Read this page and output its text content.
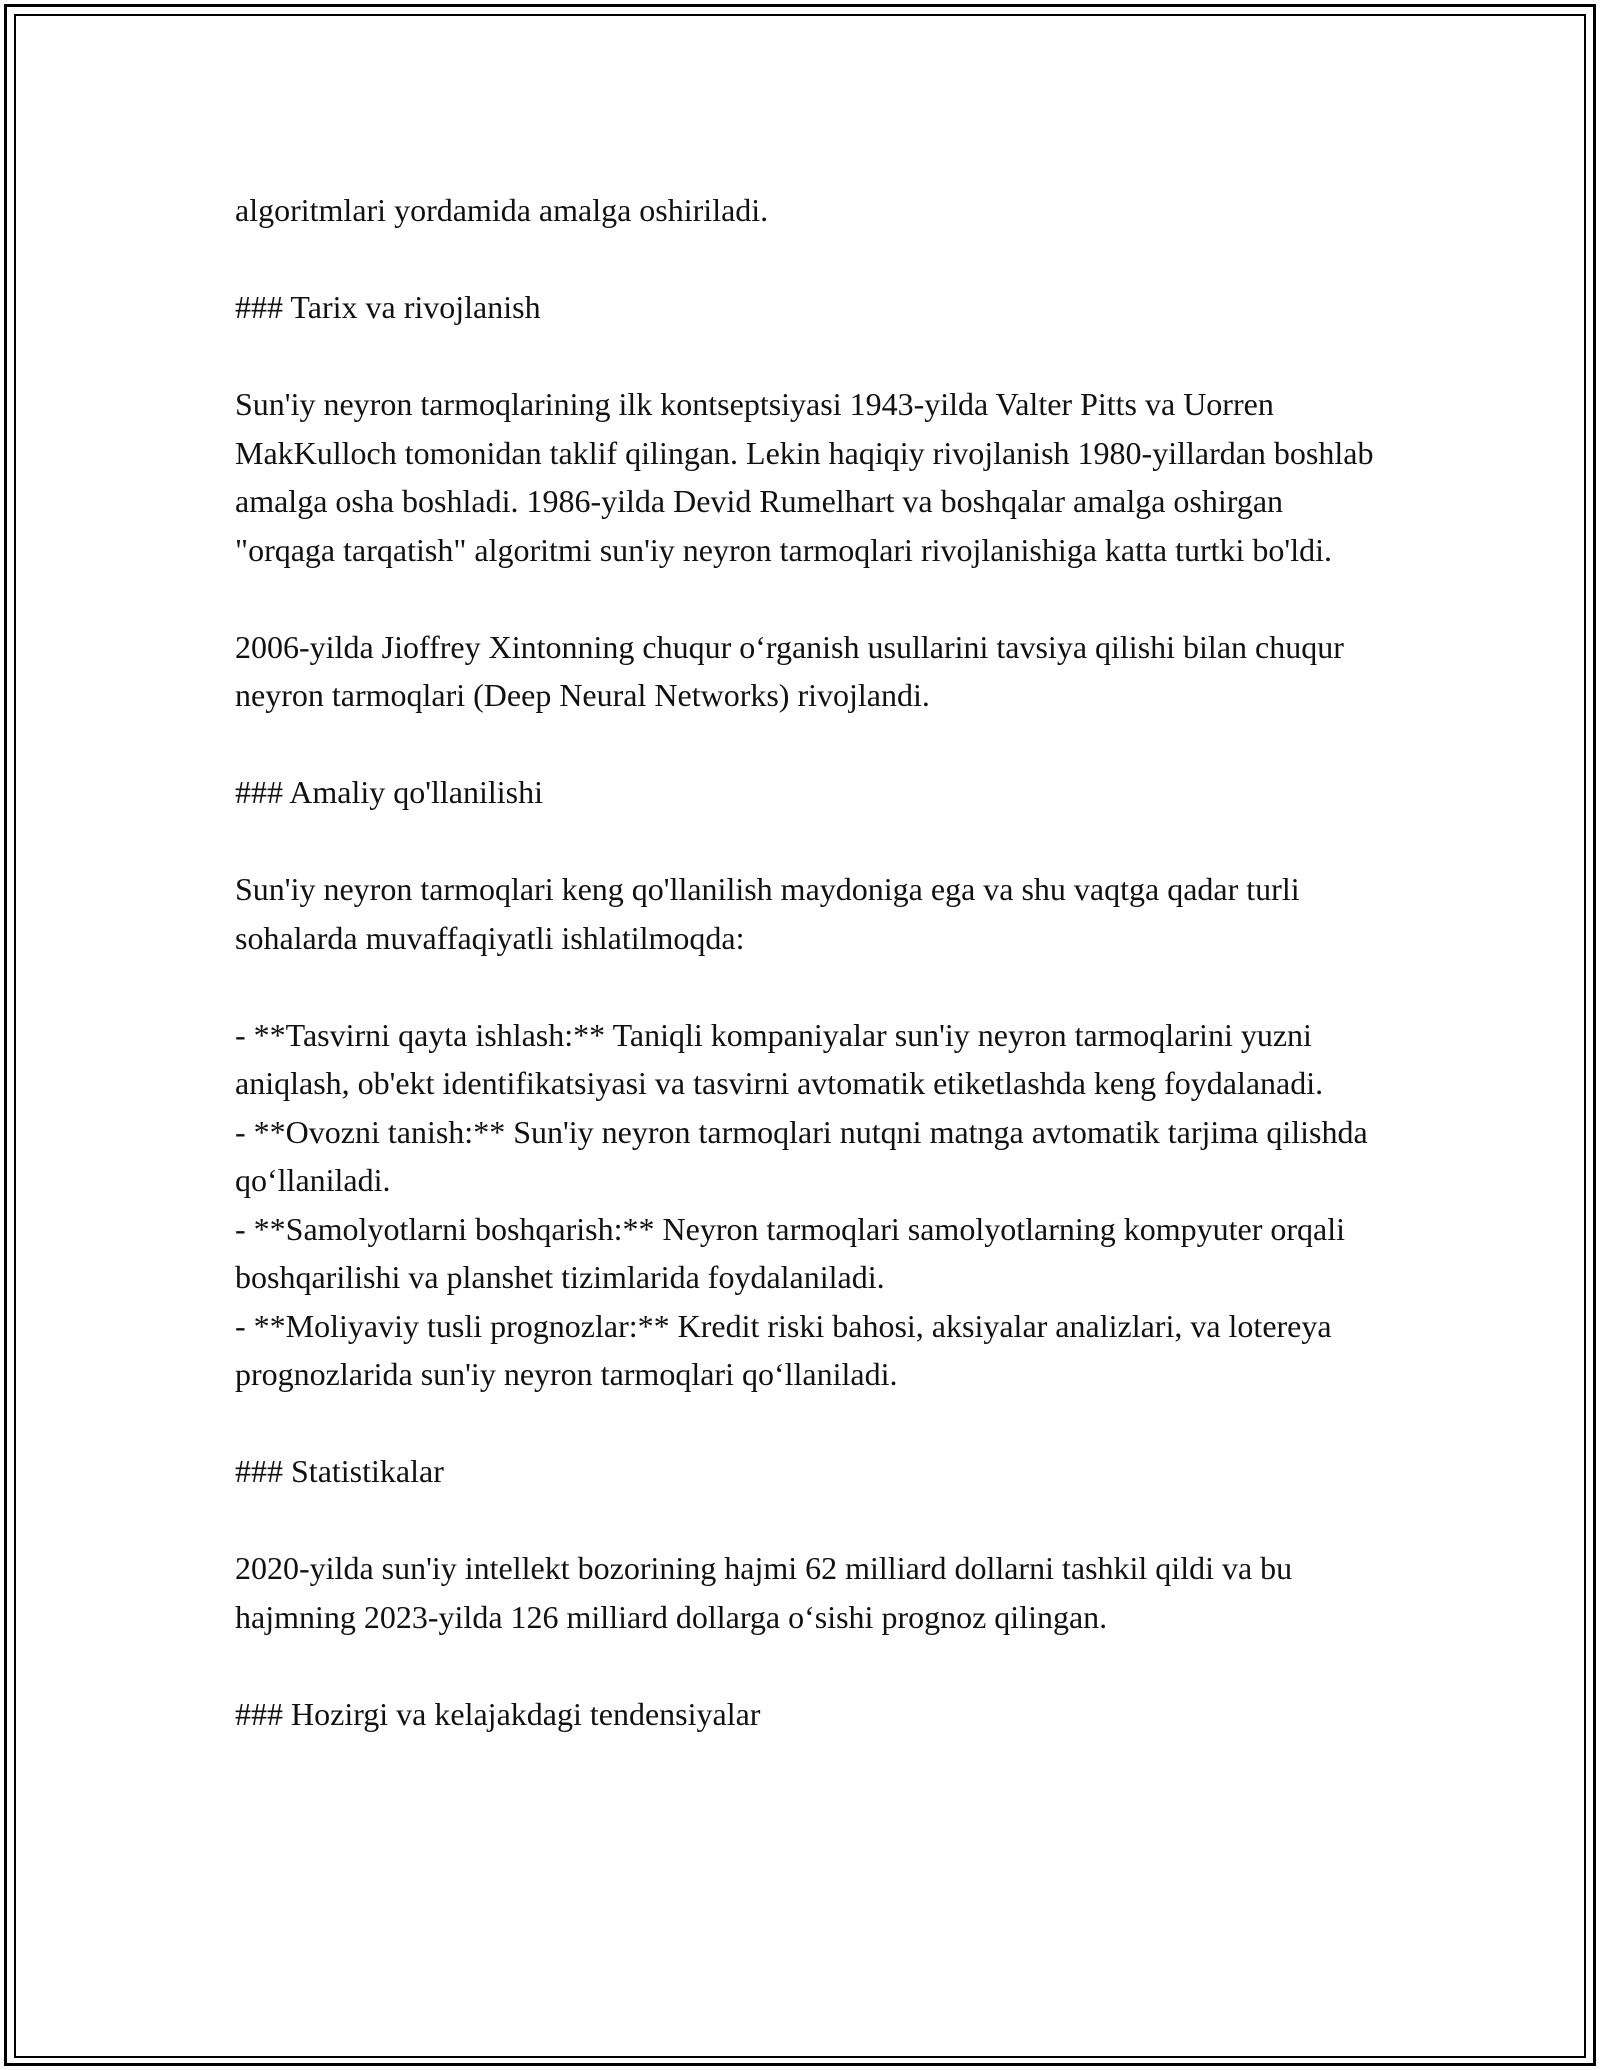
algoritmlari yordamida amalga oshiriladi.

### Tarix va rivojlanish

Sun'iy neyron tarmoqlarining ilk kontseptsiyasi 1943-yilda Valter Pitts va Uorren MakKulloch tomonidan taklif qilingan. Lekin haqiqiy rivojlanish 1980-yillardan boshlab amalga osha boshladi. 1986-yilda Devid Rumelhart va boshqalar amalga oshirgan "orqaga tarqatish" algoritmi sun'iy neyron tarmoqlari rivojlanishiga katta turtki bo'ldi.

2006-yilda Jioffrey Xintonning chuqur o‘rganish usullarini tavsiya qilishi bilan chuqur neyron tarmoqlari (Deep Neural Networks) rivojlandi.

### Amaliy qo'llanilishi

Sun'iy neyron tarmoqlari keng qo'llanilish maydoniga ega va shu vaqtga qadar turli sohalarda muvaffaqiyatli ishlatilmoqda:

- **Tasvirni qayta ishlash:** Taniqli kompaniyalar sun'iy neyron tarmoqlarini yuzni aniqlash, ob'ekt identifikatsiyasi va tasvirni avtomatik etiketlashda keng foydalanadi.

- **Ovozni tanish:** Sun'iy neyron tarmoqlari nutqni matnga avtomatik tarjima qilishda qo‘llaniladi.

- **Samolyotlarni boshqarish:** Neyron tarmoqlari samolyotlarning kompyuter orqali boshqarilishi va planshet tizimlarida foydalaniladi.

- **Moliyaviy tusli prognozlar:** Kredit riski bahosi, aksiyalar analizlari, va lotereya prognozlarida sun'iy neyron tarmoqlari qo‘llaniladi.

### Statistikalar

2020-yilda sun'iy intellekt bozorining hajmi 62 milliard dollarni tashkil qildi va bu hajmning 2023-yilda 126 milliard dollarga o‘sishi prognoz qilingan.

### Hozirgi va kelajakdagi tendensiyalar
